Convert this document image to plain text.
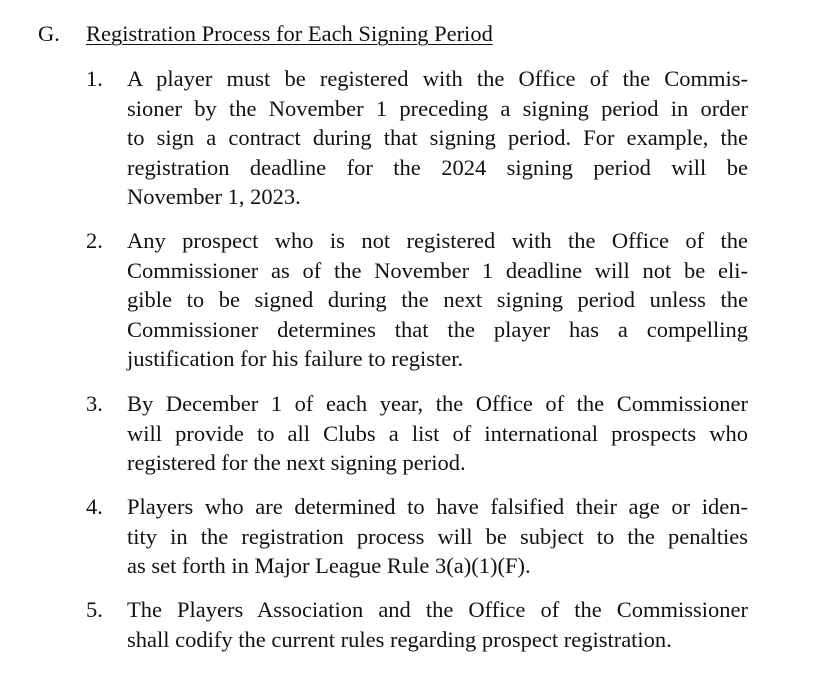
G. Registration Process for Each Signing Period
1. A player must be registered with the Office of the Commis-
sioner by the November 1 preceding a signing period in order
to sign a contract during that signing period. For example, the
registration deadline for the 2024 signing period will be
November 1, 2023.
2. Any prospect who is not registered with the Office of the
Commissioner as of the November 1 deadline will not be eli-
gible to be signed during the next signing period unless the
Commissioner determines that the player has a compelling
justification for his failure to register.
3. By December 1 of each year, the Office of the Commissioner
will provide to all Clubs a list of international prospects who
registered for the next signing period.
4. Players who are determined to have falsified their age or iden-
tity in the registration process will be subject to the penalties
as set forth in Major League Rule 3(a)(1)(F).
5. The Players Association and the Office of the Commissioner
shall codify the current rules regarding prospect registration.
